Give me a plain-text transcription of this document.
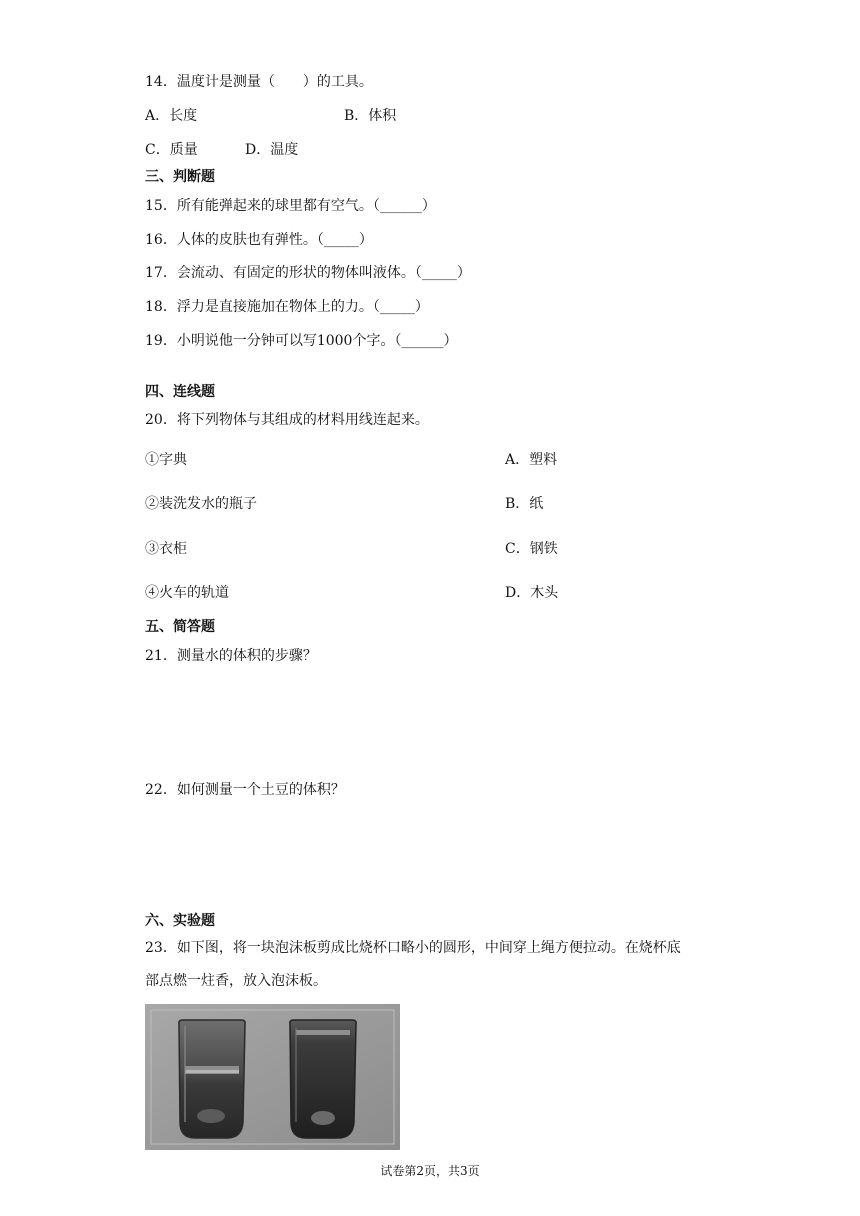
14．温度计是测量（　　）的工具。
A．长度	B．体积
C．质量	D．温度
三、判断题
15．所有能弹起来的球里都有空气。（______）
16．人体的皮肤也有弹性。（_____）
17．会流动、有固定的形状的物体叫液体。（_____）
18．浮力是直接施加在物体上的力。（_____）
19．小明说他一分钟可以写1000个字。（______）
四、连线题
20．将下列物体与其组成的材料用线连起来。
①字典	A．塑料
②装洗发水的瓶子	B．纸
③衣柜	C．钢铁
④火车的轨道	D．木头
五、简答题
21．测量水的体积的步骤？
22．如何测量一个土豆的体积？
六、实验题
23．如下图，将一块泡沫板剪成比烧杯口略小的圆形，中间穿上绳方便拉动。在烧杯底
部点燃一炷香，放入泡沫板。
试卷第2页，共3页
